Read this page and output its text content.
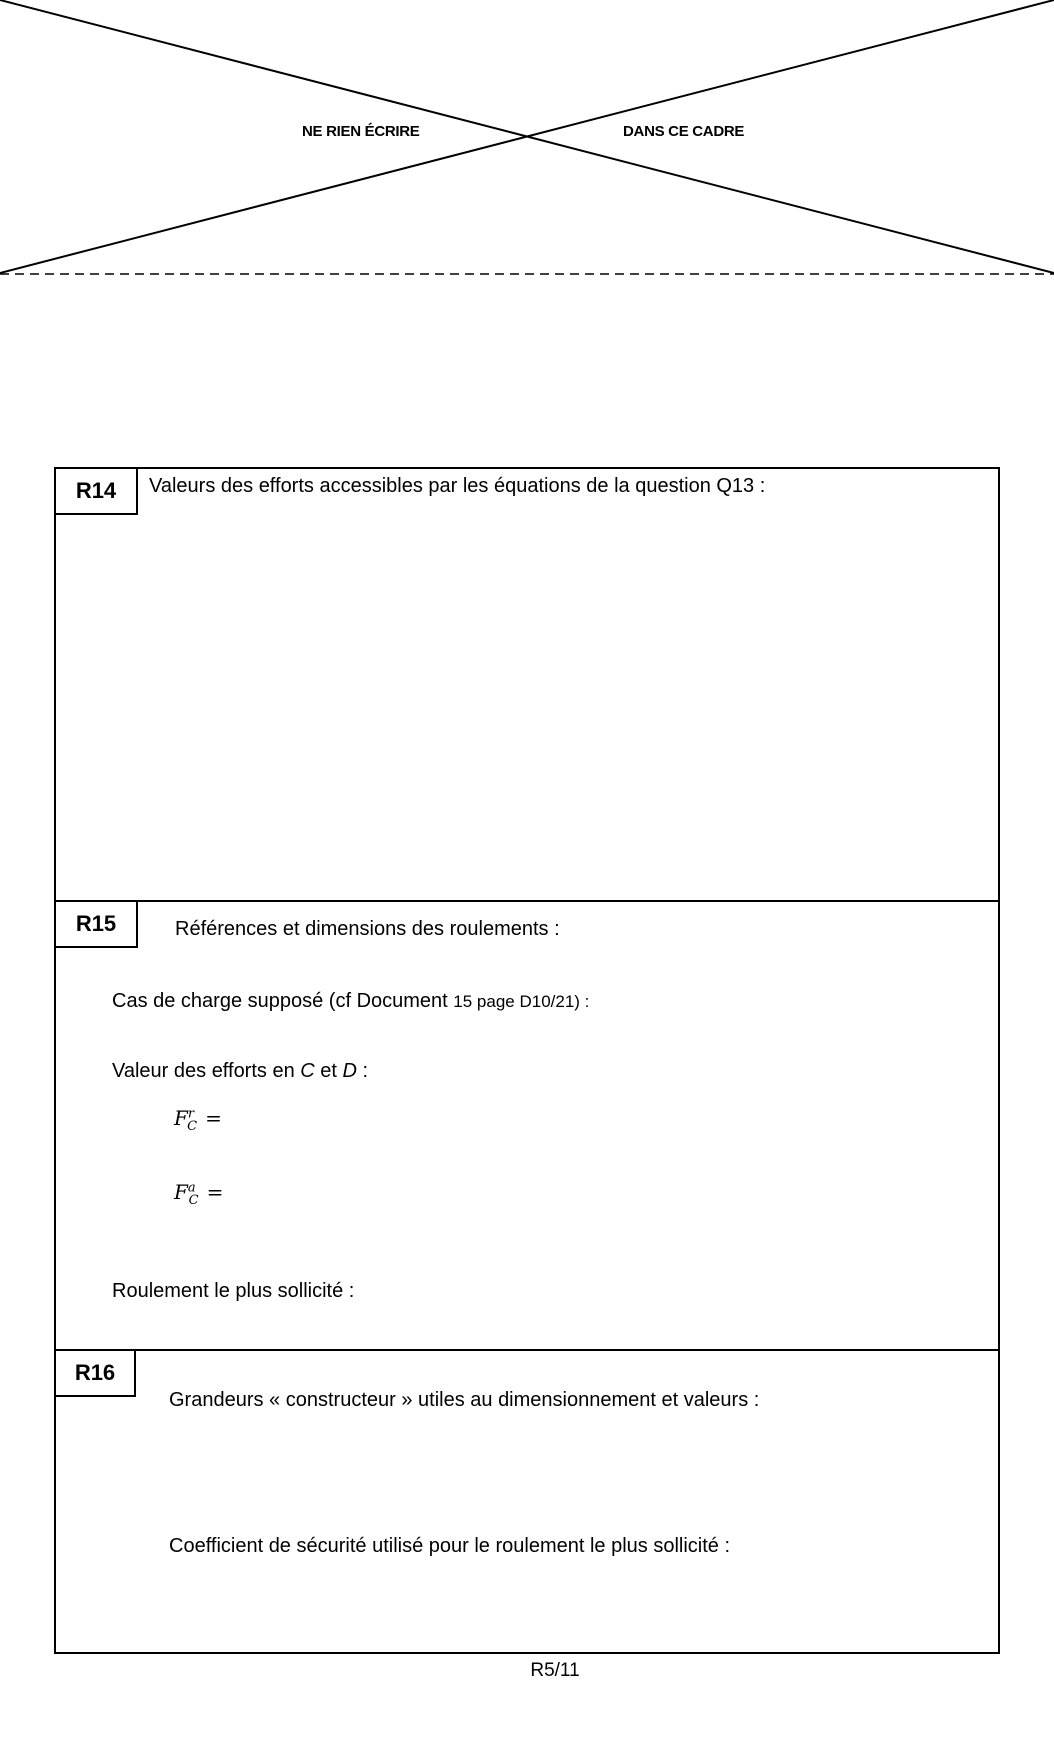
NE RIEN ÉCRIRE	DANS CE CADRE
R14	Valeurs des efforts accessibles par les équations de la question Q13 :
R15	Références et dimensions des roulements :
Cas de charge supposé (cf Document 15 page D10/21) :
Valeur des efforts en C et D :
$F^r_C$ =
$F^a_C$ =
Roulement le plus sollicité :
R16
Grandeurs « constructeur » utiles au dimensionnement et valeurs :
Coefficient de sécurité utilisé pour le roulement le plus sollicité :
R5/11
